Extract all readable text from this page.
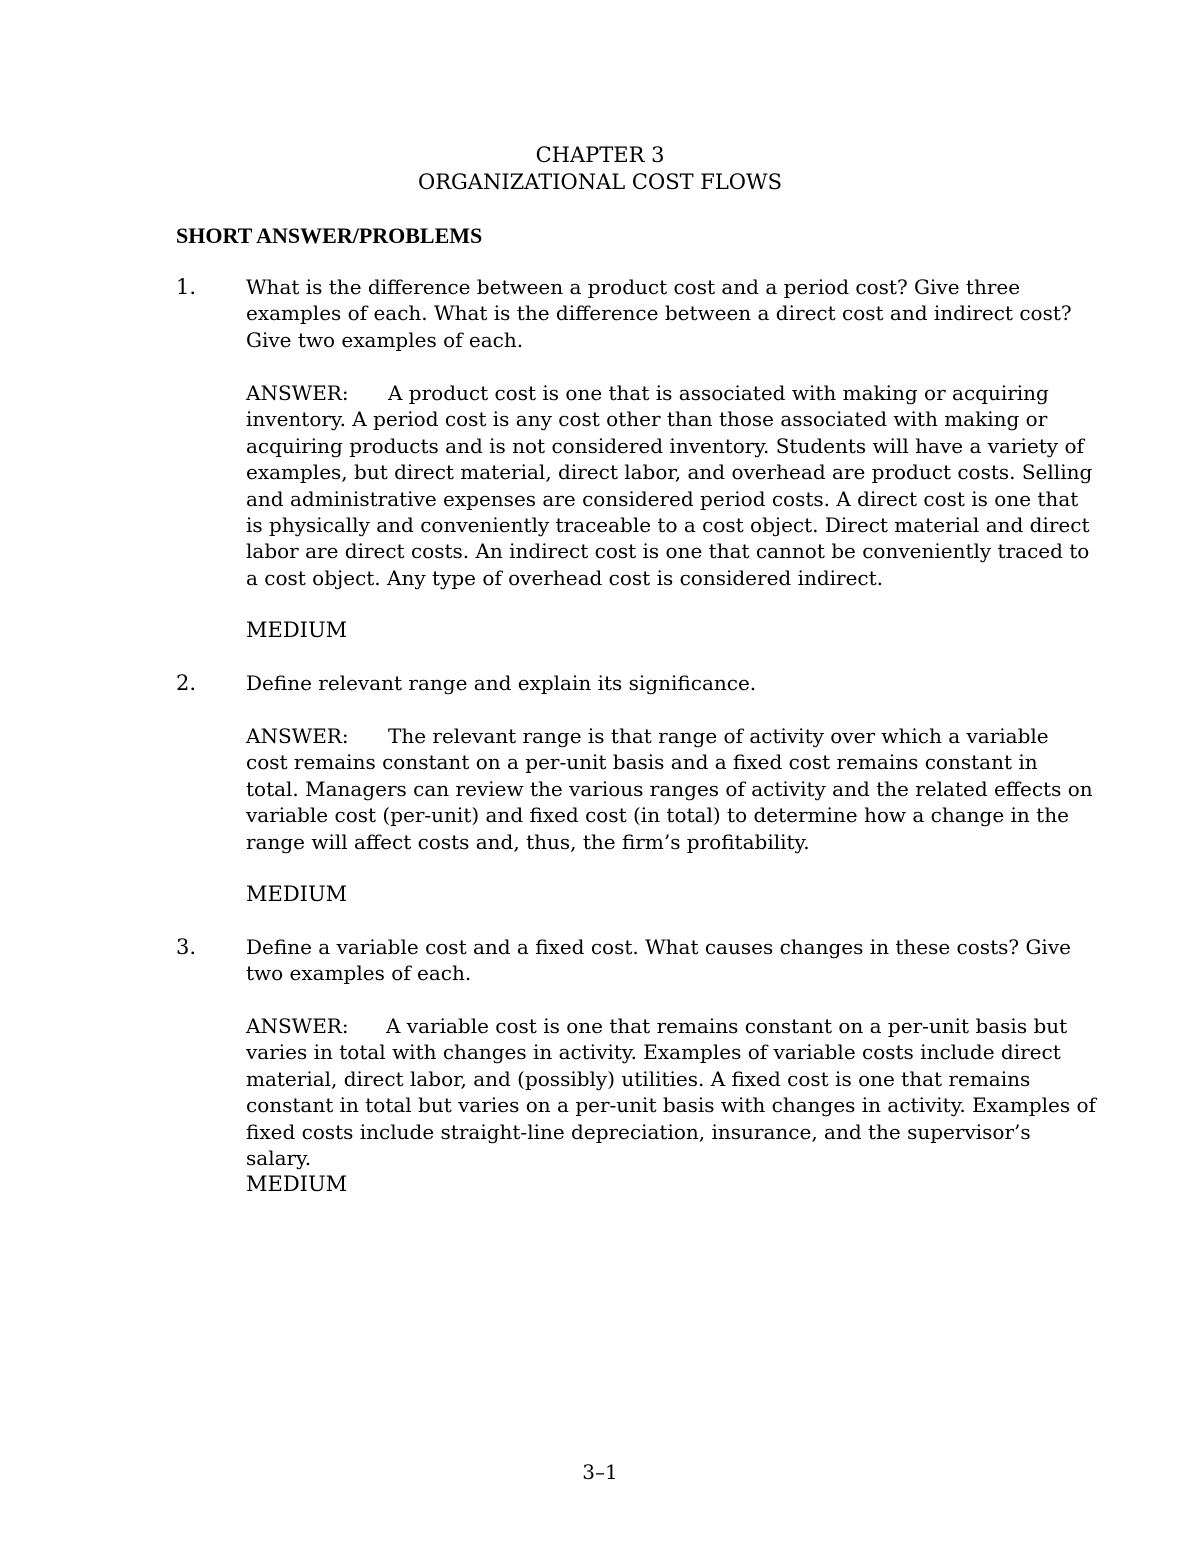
CHAPTER 3
ORGANIZATIONAL COST FLOWS
SHORT ANSWER/PROBLEMS
1. What is the difference between a product cost and a period cost? Give three examples of each. What is the difference between a direct cost and indirect cost? Give two examples of each.
ANSWER: A product cost is one that is associated with making or acquiring inventory. A period cost is any cost other than those associated with making or acquiring products and is not considered inventory. Students will have a variety of examples, but direct material, direct labor, and overhead are product costs. Selling and administrative expenses are considered period costs. A direct cost is one that is physically and conveniently traceable to a cost object. Direct material and direct labor are direct costs. An indirect cost is one that cannot be conveniently traced to a cost object. Any type of overhead cost is considered indirect.
MEDIUM
2. Define relevant range and explain its significance.
ANSWER: The relevant range is that range of activity over which a variable cost remains constant on a per-unit basis and a fixed cost remains constant in total. Managers can review the various ranges of activity and the related effects on variable cost (per-unit) and fixed cost (in total) to determine how a change in the range will affect costs and, thus, the firm’s profitability.
MEDIUM
3. Define a variable cost and a fixed cost. What causes changes in these costs? Give two examples of each.
ANSWER: A variable cost is one that remains constant on a per-unit basis but varies in total with changes in activity. Examples of variable costs include direct material, direct labor, and (possibly) utilities. A fixed cost is one that remains constant in total but varies on a per-unit basis with changes in activity. Examples of fixed costs include straight-line depreciation, insurance, and the supervisor’s salary.
MEDIUM
3–1
